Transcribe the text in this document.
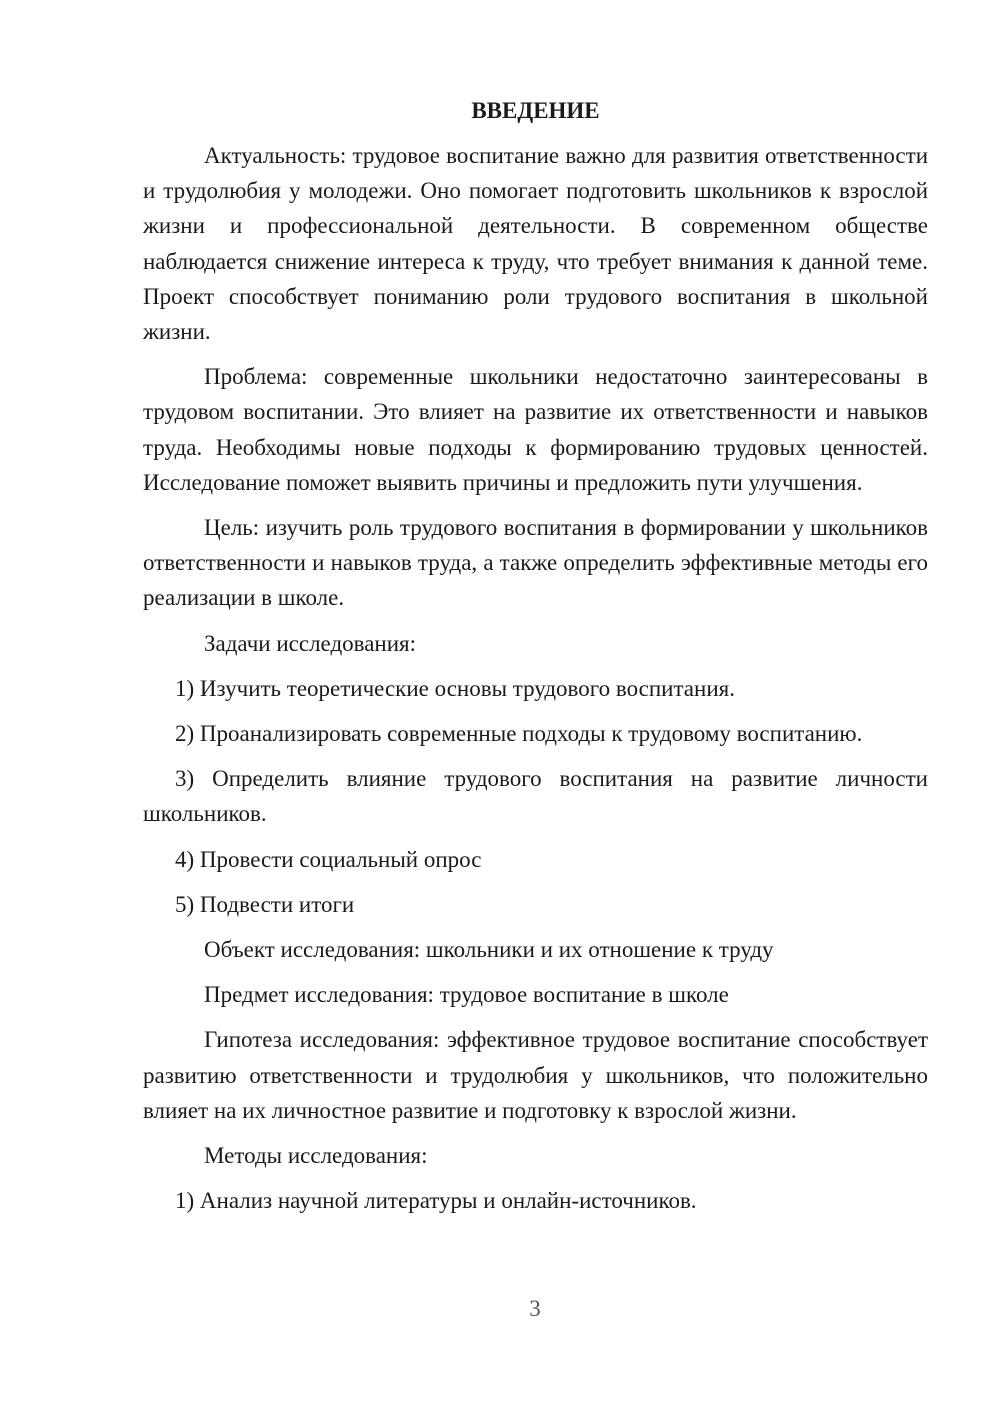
ВВЕДЕНИЕ

Актуальность: трудовое воспитание важно для развития ответственности и трудолюбия у молодежи. Оно помогает подготовить школьников к взрослой жизни и профессиональной деятельности. В современном обществе наблюдается снижение интереса к труду, что требует внимания к данной теме. Проект способствует пониманию роли трудового воспитания в школьной жизни.

Проблема: современные школьники недостаточно заинтересованы в трудовом воспитании. Это влияет на развитие их ответственности и навыков труда. Необходимы новые подходы к формированию трудовых ценностей. Исследование поможет выявить причины и предложить пути улучшения.

Цель: изучить роль трудового воспитания в формировании у школьников ответственности и навыков труда, а также определить эффективные методы его реализации в школе.

Задачи исследования:

1) Изучить теоретические основы трудового воспитания.

2) Проанализировать современные подходы к трудовому воспитанию.

3) Определить влияние трудового воспитания на развитие личности школьников.

4) Провести социальный опрос

5) Подвести итоги

Объект исследования: школьники и их отношение к труду

Предмет исследования: трудовое воспитание в школе

Гипотеза исследования: эффективное трудовое воспитание способствует развитию ответственности и трудолюбия у школьников, что положительно влияет на их личностное развитие и подготовку к взрослой жизни.

Методы исследования:

1) Анализ научной литературы и онлайн-источников.

3
